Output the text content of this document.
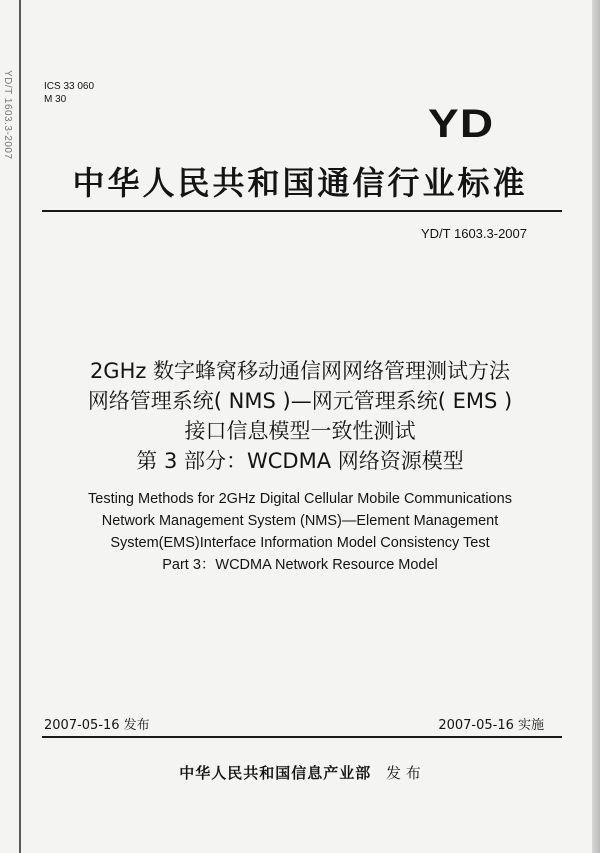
YD/T 1603.3-2007	ICS 33 060
M 30
YD
中华人民共和国通信行业标准
YD/T 1603.3-2007
2GHz 数字蜂窝移动通信网网络管理测试方法
网络管理系统( NMS )—网元管理系统( EMS )
接口信息模型一致性测试
第 3 部分：WCDMA 网络资源模型
Testing Methods for 2GHz Digital Cellular Mobile Communications
Network Management System (NMS)—Element Management
System(EMS)Interface Information Model Consistency Test
Part 3：WCDMA Network Resource Model
2007-05-16 发布	2007-05-16 实施
中华人民共和国信息产业部 发 布
